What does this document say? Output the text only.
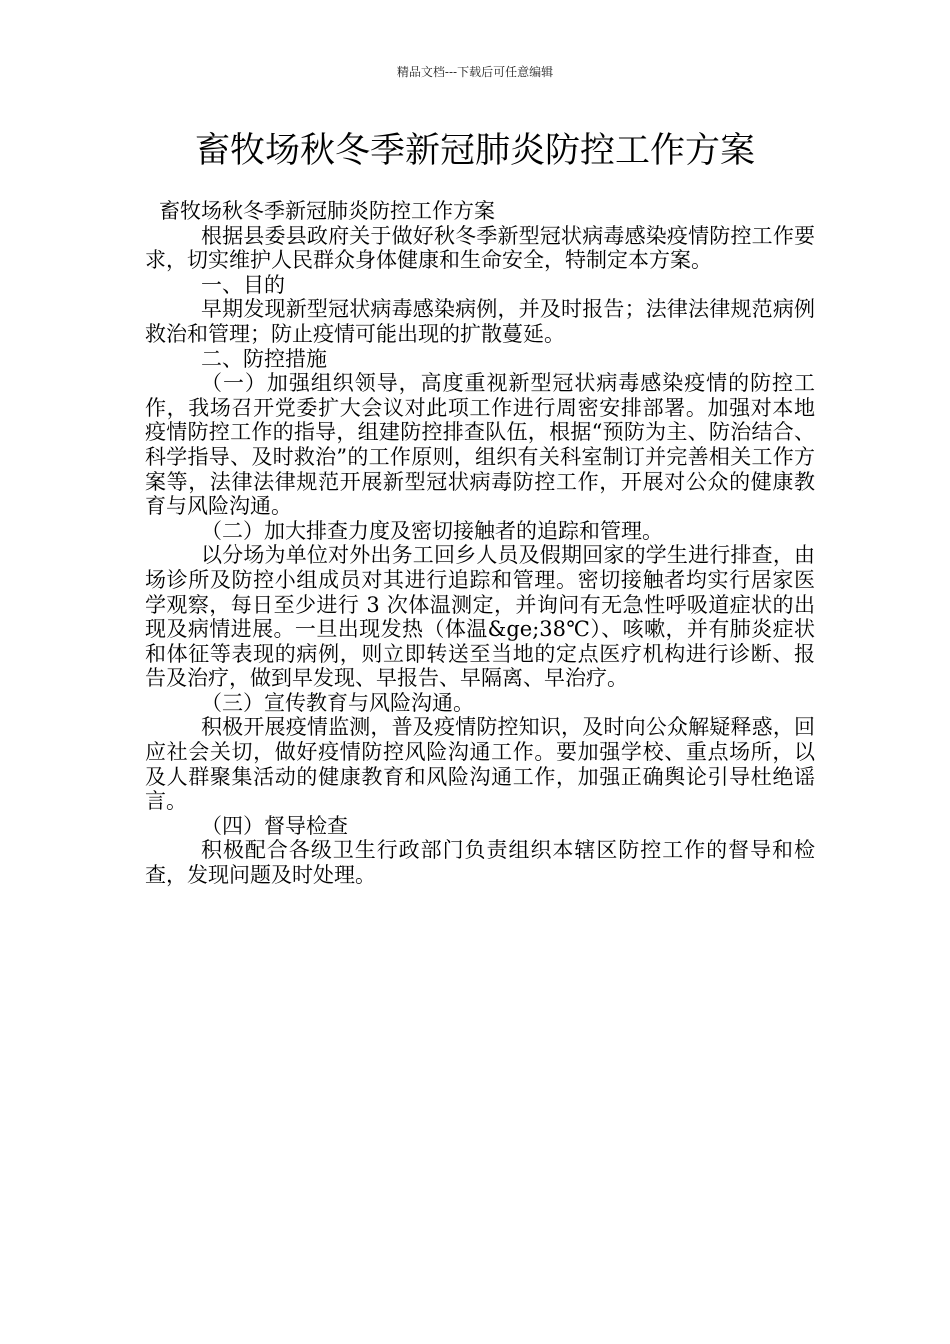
精品文档---下载后可任意编辑
畜牧场秋冬季新冠肺炎防控工作方案

畜牧场秋冬季新冠肺炎防控工作方案

根据县委县政府关于做好秋冬季新型冠状病毒感染疫情防控工作要求，切实维护人民群众身体健康和生命安全，特制定本方案。

一、目的

早期发现新型冠状病毒感染病例，并及时报告；法律法律规范病例救治和管理；防止疫情可能出现的扩散蔓延。

二、防控措施

（一）加强组织领导，高度重视新型冠状病毒感染疫情的防控工作，我场召开党委扩大会议对此项工作进行周密安排部署。加强对本地疫情防控工作的指导，组建防控排查队伍，根据“预防为主、防治结合、科学指导、及时救治”的工作原则，组织有关科室制订并完善相关工作方案等，法律法律规范开展新型冠状病毒防控工作，开展对公众的健康教育与风险沟通。

（二）加大排查力度及密切接触者的追踪和管理。

以分场为单位对外出务工回乡人员及假期回家的学生进行排查，由场诊所及防控小组成员对其进行追踪和管理。密切接触者均实行居家医学观察，每日至少进行 3 次体温测定，并询问有无急性呼吸道症状的出现及病情进展。一旦出现发热（体温&ge;38℃）、咳嗽，并有肺炎症状和体征等表现的病例，则立即转送至当地的定点医疗机构进行诊断、报告及治疗，做到早发现、早报告、早隔离、早治疗。

（三）宣传教育与风险沟通。

积极开展疫情监测，普及疫情防控知识，及时向公众解疑释惑，回应社会关切，做好疫情防控风险沟通工作。要加强学校、重点场所，以及人群聚集活动的健康教育和风险沟通工作，加强正确舆论引导杜绝谣言。

（四）督导检查

积极配合各级卫生行政部门负责组织本辖区防控工作的督导和检查，发现问题及时处理。
